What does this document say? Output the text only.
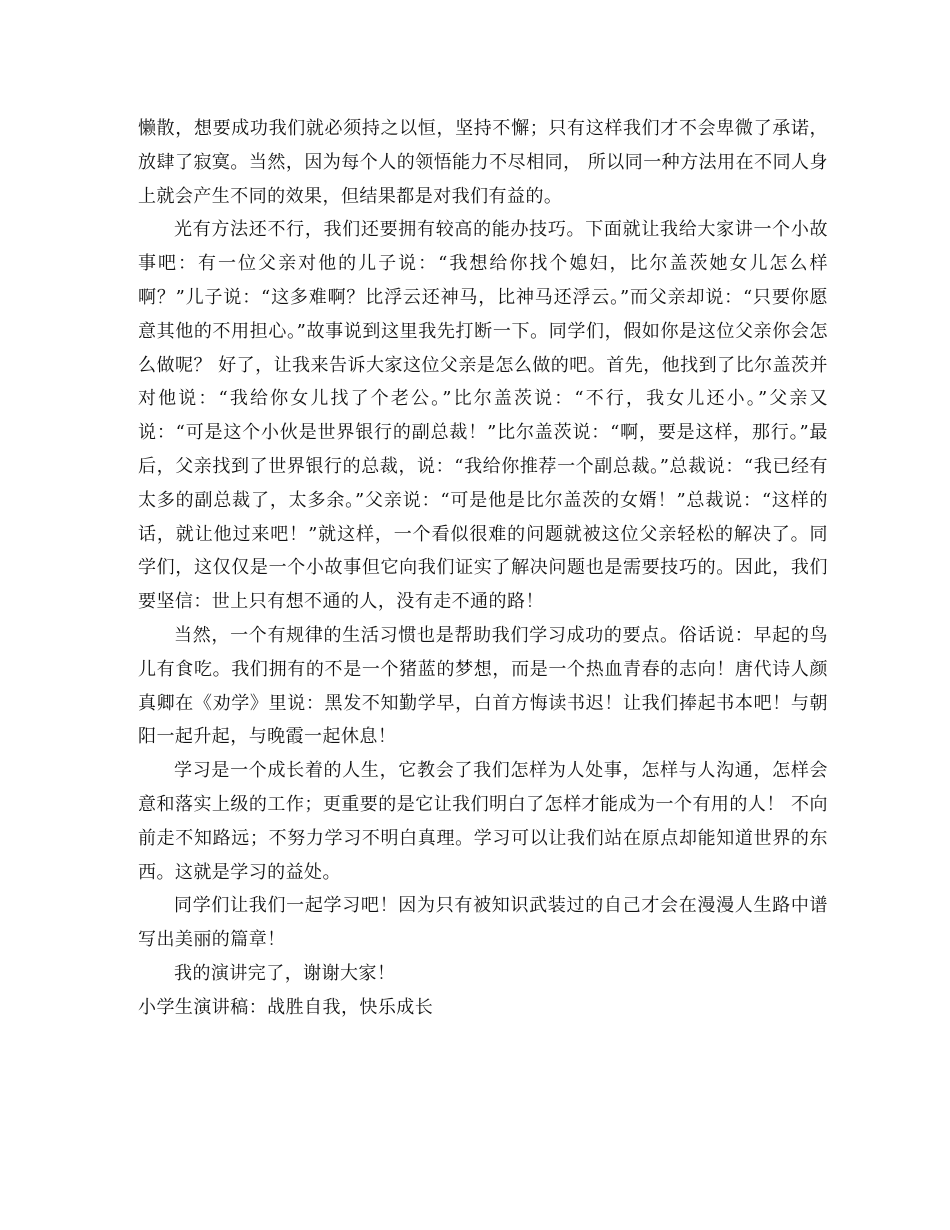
懒散，想要成功我们就必须持之以恒，坚持不懈；只有这样我们才不会卑微了承诺，放肆了寂寞。当然，因为每个人的领悟能力不尽相同， 所以同一种方法用在不同人身上就会产生不同的效果，但结果都是对我们有益的。

光有方法还不行，我们还要拥有较高的能办技巧。下面就让我给大家讲一个小故事吧：有一位父亲对他的儿子说：“我想给你找个媳妇，比尔盖茨她女儿怎么样啊？”儿子说：“这多难啊？比浮云还神马，比神马还浮云。”而父亲却说：“只要你愿意其他的不用担心。”故事说到这里我先打断一下。同学们，假如你是这位父亲你会怎么做呢？ 好了，让我来告诉大家这位父亲是怎么做的吧。首先，他找到了比尔盖茨并对他说：“我给你女儿找了个老公。”比尔盖茨说：“不行，我女儿还小。”父亲又说：“可是这个小伙是世界银行的副总裁！”比尔盖茨说：“啊，要是这样，那行。”最后，父亲找到了世界银行的总裁，说：“我给你推荐一个副总裁。”总裁说：“我已经有太多的副总裁了，太多余。”父亲说：“可是他是比尔盖茨的女婿！”总裁说：“这样的话，就让他过来吧！”就这样，一个看似很难的问题就被这位父亲轻松的解决了。同学们，这仅仅是一个小故事但它向我们证实了解决问题也是需要技巧的。因此，我们要坚信：世上只有想不通的人，没有走不通的路！

当然，一个有规律的生活习惯也是帮助我们学习成功的要点。俗话说：早起的鸟儿有食吃。我们拥有的不是一个猪蓝的梦想，而是一个热血青春的志向！唐代诗人颜真卿在《劝学》里说：黑发不知勤学早，白首方悔读书迟！让我们捧起书本吧！与朝阳一起升起，与晚霞一起休息！

学习是一个成长着的人生，它教会了我们怎样为人处事，怎样与人沟通，怎样会意和落实上级的工作；更重要的是它让我们明白了怎样才能成为一个有用的人！ 不向前走不知路远；不努力学习不明白真理。学习可以让我们站在原点却能知道世界的东西。这就是学习的益处。

同学们让我们一起学习吧！因为只有被知识武装过的自己才会在漫漫人生路中谱写出美丽的篇章！

我的演讲完了，谢谢大家！

小学生演讲稿：战胜自我，快乐成长
